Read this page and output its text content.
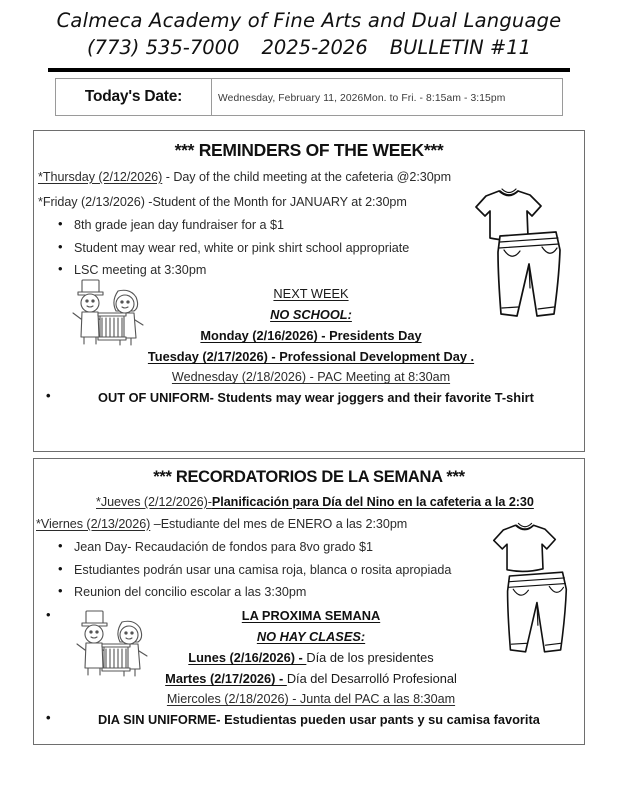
Calmeca Academy of Fine Arts and Dual Language
(773) 535-7000 2025-2026 BULLETIN #11
Today's Date:	Wednesday, February 11, 2026Mon. to Fri. - 8:15am - 3:15pm
*** REMINDERS OF THE WEEK***
*Thursday (2/12/2026) - Day of the child meeting at the cafeteria @2:30pm
*Friday (2/13/2026) -Student of the Month for JANUARY at 2:30pm
• 8th grade jean day fundraiser for a $1
• Student may wear red, white or pink shirt school appropriate
• LSC meeting at 3:30pm
NEXT WEEK
NO SCHOOL:
Monday (2/16/2026) - Presidents Day
Tuesday (2/17/2026) - Professional Development Day .
Wednesday (2/18/2026) - PAC Meeting at 8:30am
• OUT OF UNIFORM- Students may wear joggers and their favorite T-shirt
*** RECORDATORIOS DE LA SEMANA ***
*Jueves (2/12/2026)-Planificación para Día del Nino en la cafeteria a la 2:30
*Viernes (2/13/2026) –Estudiante del mes de ENERO a las 2:30pm
• Jean Day- Recaudación de fondos para 8vo grado $1
• Estudiantes podrán usar una camisa roja, blanca o rosita apropiada
• Reunion del concilio escolar a las 3:30pm
•	LA PROXIMA SEMANA
NO HAY CLASES:
Lunes (2/16/2026) - Día de los presidentes
Martes (2/17/2026) - Día del Desarrolló Profesional
Miercoles (2/18/2026) - Junta del PAC a las 8:30am
• DIA SIN UNIFORME- Estudientas pueden usar pants y su camisa favorita
